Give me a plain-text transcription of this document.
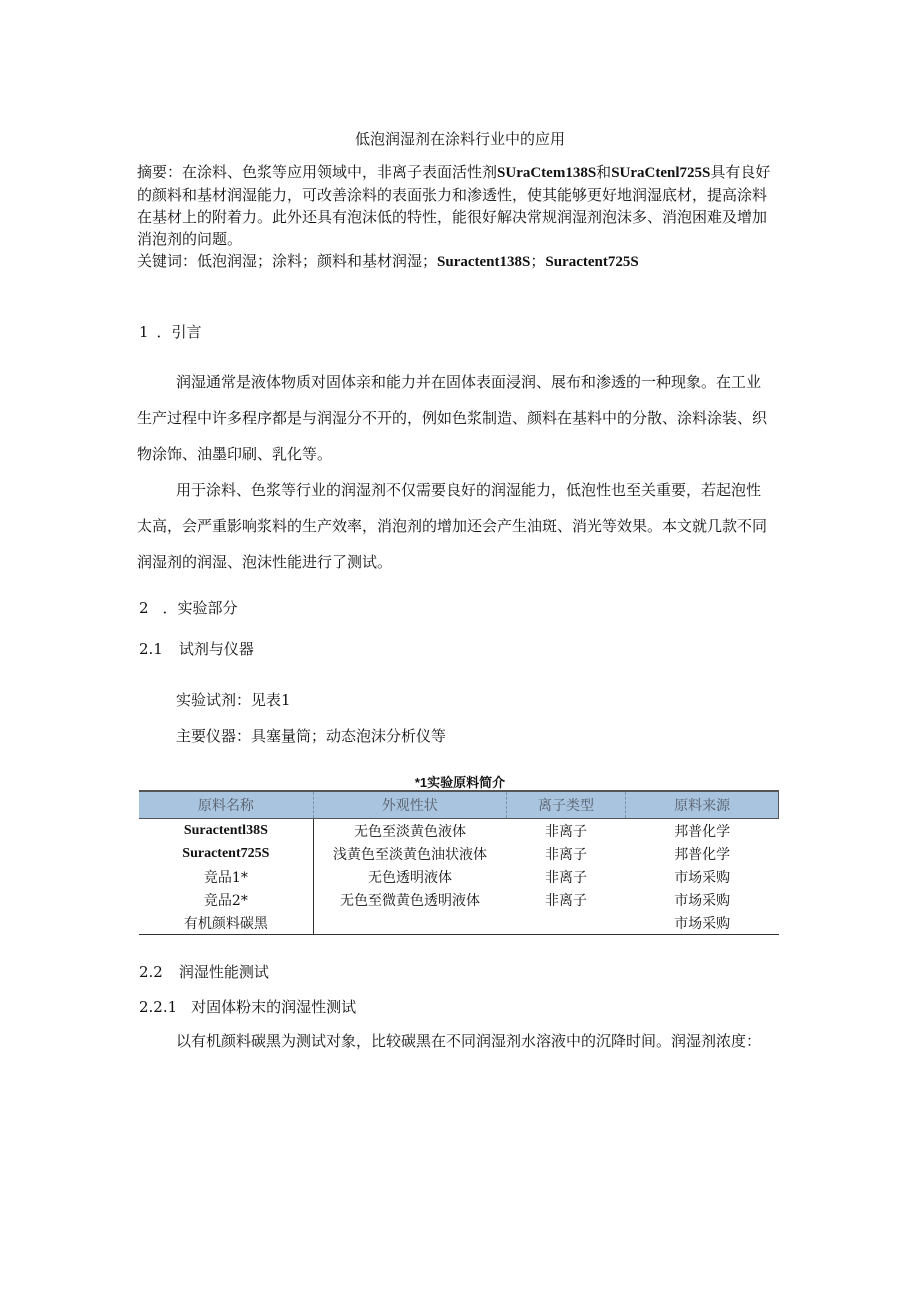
低泡润湿剂在涂料行业中的应用
摘要：在涂料、色浆等应用领域中，非离子表面活性剂SUraCtem138S和SUraCtenl725S具有良好
的颜料和基材润湿能力，可改善涂料的表面张力和渗透性，使其能够更好地润湿底材，提高涂料
在基材上的附着力。此外还具有泡沫低的特性，能很好解决常规润湿剂泡沫多、消泡困难及增加
消泡剂的问题。
关键词：低泡润湿；涂料；颜料和基材润湿；Suractent138S；Suractent725S
1 ．引言
润湿通常是液体物质对固体亲和能力并在固体表面浸润、展布和渗透的一种现象。在工业
生产过程中许多程序都是与润湿分不开的，例如色浆制造、颜料在基料中的分散、涂料涂装、织
物涂饰、油墨印刷、乳化等。
用于涂料、色浆等行业的润湿剂不仅需要良好的润湿能力，低泡性也至关重要，若起泡性
太高，会严重影响浆料的生产效率，消泡剂的增加还会产生油斑、消光等效果。本文就几款不同
润湿剂的润湿、泡沫性能进行了测试。
2 ．实验部分
2.1 试剂与仪器
实验试剂：见表1
主要仪器：具塞量筒；动态泡沫分析仪等
*1实验原料简介
原料名称	外观性状	离子类型	原料来源
Suractentl38S	无色至淡黄色液体	非离子	邦普化学
Suractent725S	浅黄色至淡黄色油状液体	非离子	邦普化学
竞品1*	无色透明液体	非离子	市场采购
竞品2*	无色至微黄色透明液体	非离子	市场采购
有机颜料碳黑			市场采购
2.2 润湿性能测试
2.2.1 对固体粉末的润湿性测试
以有机颜料碳黑为测试对象，比较碳黑在不同润湿剂水溶液中的沉降时间。润湿剂浓度：
